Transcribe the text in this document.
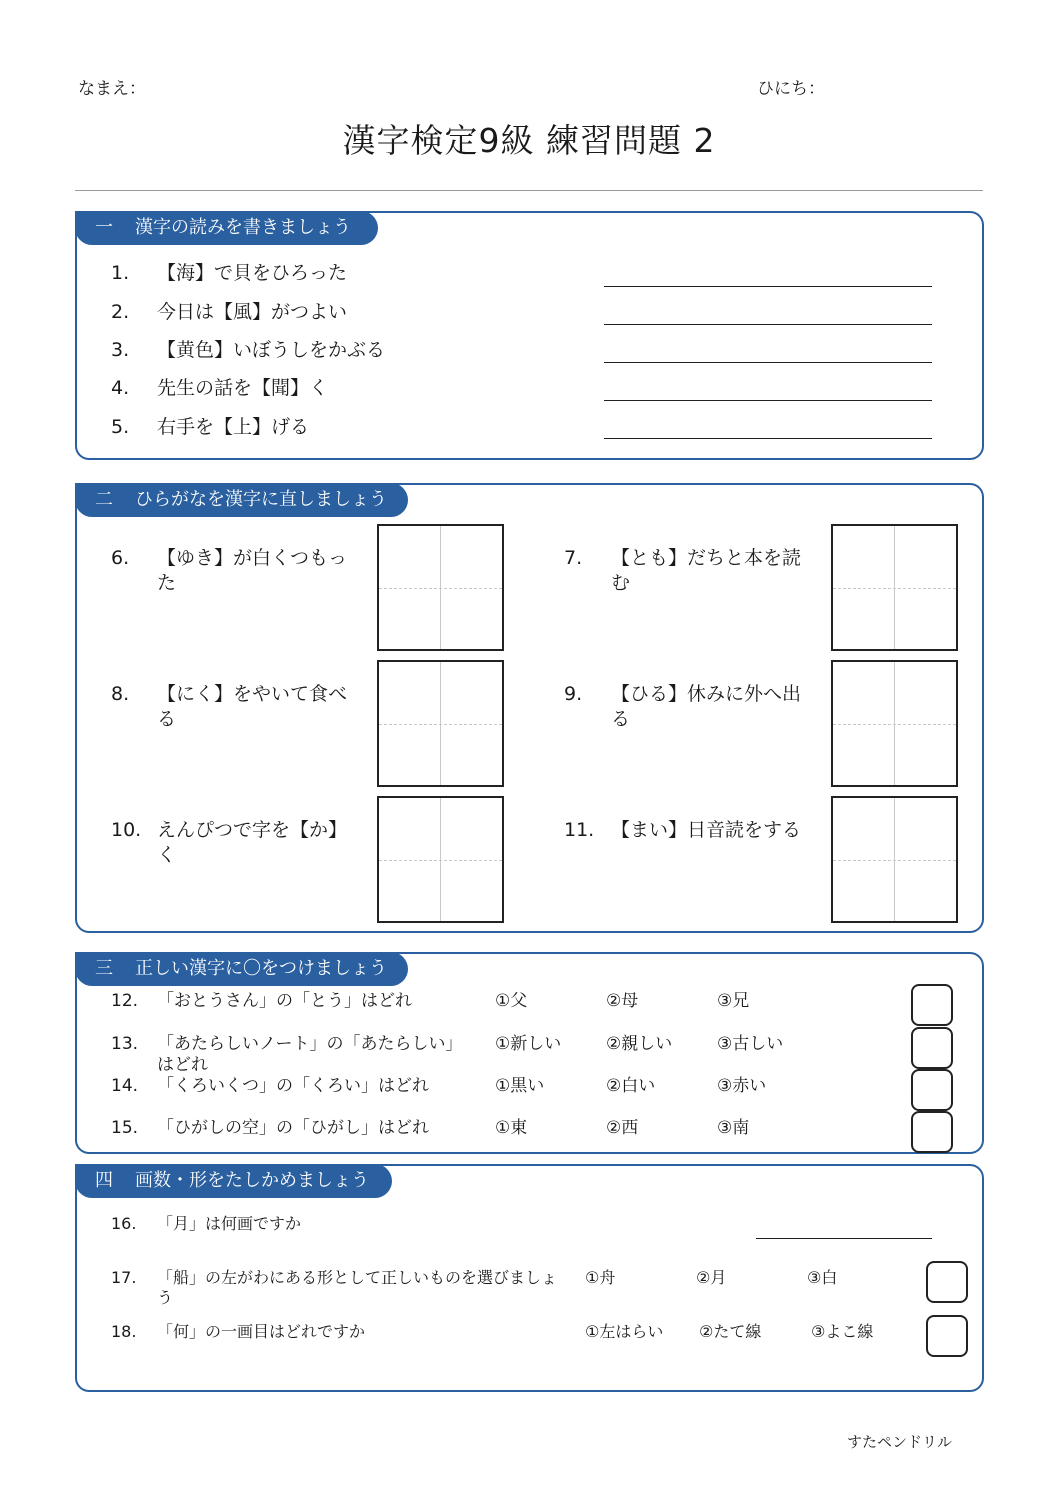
なまえ：	ひにち：
漢字検定9級 練習問題 2
一 漢字の読みを書きましょう
1. 【海】で貝をひろった
2. 今日は【風】がつよい
3. 【黄色】いぼうしをかぶる
4. 先生の話を【聞】く
5. 右手を【上】げる
二 ひらがなを漢字に直しましょう
6. 【ゆき】が白くつもった
7. 【とも】だちと本を読む
8. 【にく】をやいて食べる
9. 【ひる】休みに外へ出る
10. えんぴつで字を【か】く
11. 【まい】日音読をする
三 正しい漢字に〇をつけましょう
12. 「おとうさん」の「とう」はどれ	①父	②母	③兄
13. 「あたらしいノート」の「あたらしい」はどれ
①新しい	②親しい	③古しい
14. 「くろいくつ」の「くろい」はどれ	①黒い	②白い	③赤い
15. 「ひがしの空」の「ひがし」はどれ	①東	②西	③南
四 画数・形をたしかめましょう
16. 「月」は何画ですか
17. 「船」の左がわにある形として正しいものを選びましょう
①舟	②月	③白
18. 「何」の一画目はどれですか	①左はらい ②たて線	③よこ線
すたペンドリル
